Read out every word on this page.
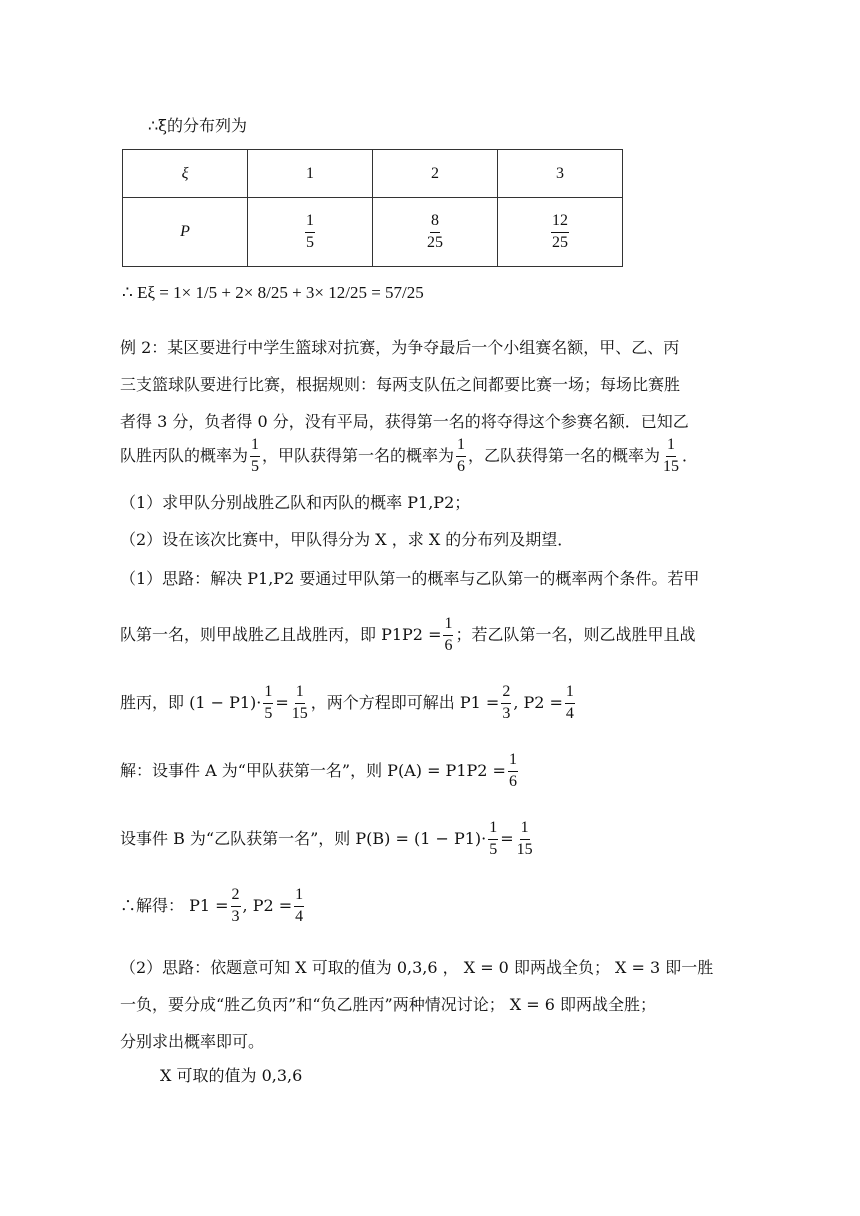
∴ξ的分布列为
ξ	1	2	3
P	$\frac{1}{5}$	$\frac{8}{25}$	$\frac{12}{25}$
∴ Eξ = 1× 1/5 + 2× 8/25 + 3× 12/25 = 57/25
例 2：某区要进行中学生篮球对抗赛，为争夺最后一个小组赛名额，甲、乙、丙
三支篮球队要进行比赛，根据规则：每两支队伍之间都要比赛一场；每场比赛胜
者得 3 分，负者得 0 分，没有平局，获得第一名的将夺得这个参赛名额．已知乙
队胜丙队的概率为 $\frac{1}{5}$ ，甲队获得第一名的概率为 $\frac{1}{6}$ ，乙队获得第一名的概率为 $\frac{1}{15}$ ．
（1）求甲队分别战胜乙队和丙队的概率 P1,P2；
（2）设在该次比赛中，甲队得分为 X ，求 X 的分布列及期望．
（1）思路：解决 P1,P2 要通过甲队第一的概率与乙队第一的概率两个条件。若甲
队第一名，则甲战胜乙且战胜丙，即 $P1P2 = \frac{1}{6}$ ；若乙队第一名，则乙战胜甲且战
胜丙，即 $(1 - P1)\cdot \frac{1}{5} = \frac{1}{15}$ ，两个方程即可解出 $P1 = \frac{2}{3}$ , $P2 = \frac{1}{4}$
解：设事件 A 为“甲队获第一名”，则 $P(A) = P1P2 = \frac{1}{6}$
设事件 B 为“乙队获第一名”，则 $P(B) = (1 - P1)\cdot \frac{1}{5} = \frac{1}{15}$
∴解得： $P1 = \frac{2}{3}$ , $P2 = \frac{1}{4}$
（2）思路：依题意可知 X 可取的值为 0,3,6 ， X = 0 即两战全负； X = 3 即一胜
一负，要分成“胜乙负丙”和“负乙胜丙”两种情况讨论； X = 6 即两战全胜；
分别求出概率即可。
X 可取的值为 0,3,6
